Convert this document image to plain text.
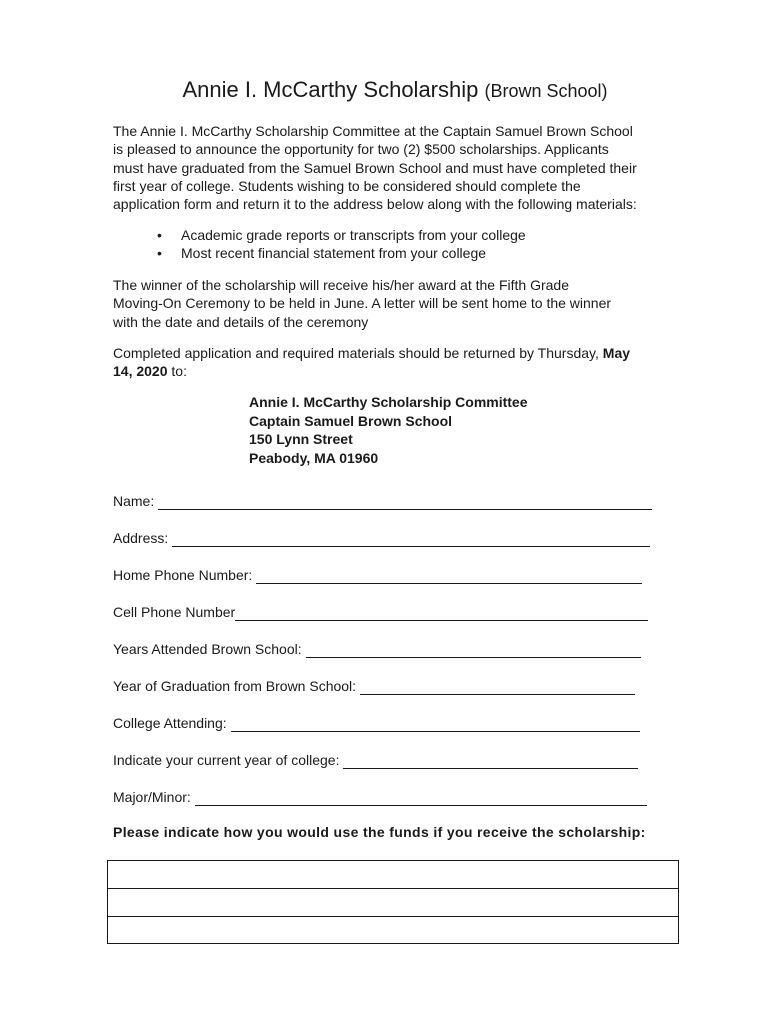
Annie I. McCarthy Scholarship (Brown School)

The Annie I. McCarthy Scholarship Committee at the Captain Samuel Brown School
is pleased to announce the opportunity for two (2) $500 scholarships. Applicants
must have graduated from the Samuel Brown School and must have completed their
first year of college. Students wishing to be considered should complete the
application form and return it to the address below along with the following materials:

• Academic grade reports or transcripts from your college
• Most recent financial statement from your college

The winner of the scholarship will receive his/her award at the Fifth Grade
Moving-On Ceremony to be held in June. A letter will be sent home to the winner
with the date and details of the ceremony

Completed application and required materials should be returned by Thursday, May
14, 2020 to:

Annie I. McCarthy Scholarship Committee
Captain Samuel Brown School
150 Lynn Street
Peabody, MA 01960
Name:
Address:
Home Phone Number:
Cell Phone Number
Years Attended Brown School:
Year of Graduation from Brown School:
College Attending:
Indicate your current year of college:
Major/Minor:
Please indicate how you would use the funds if you receive the scholarship:
